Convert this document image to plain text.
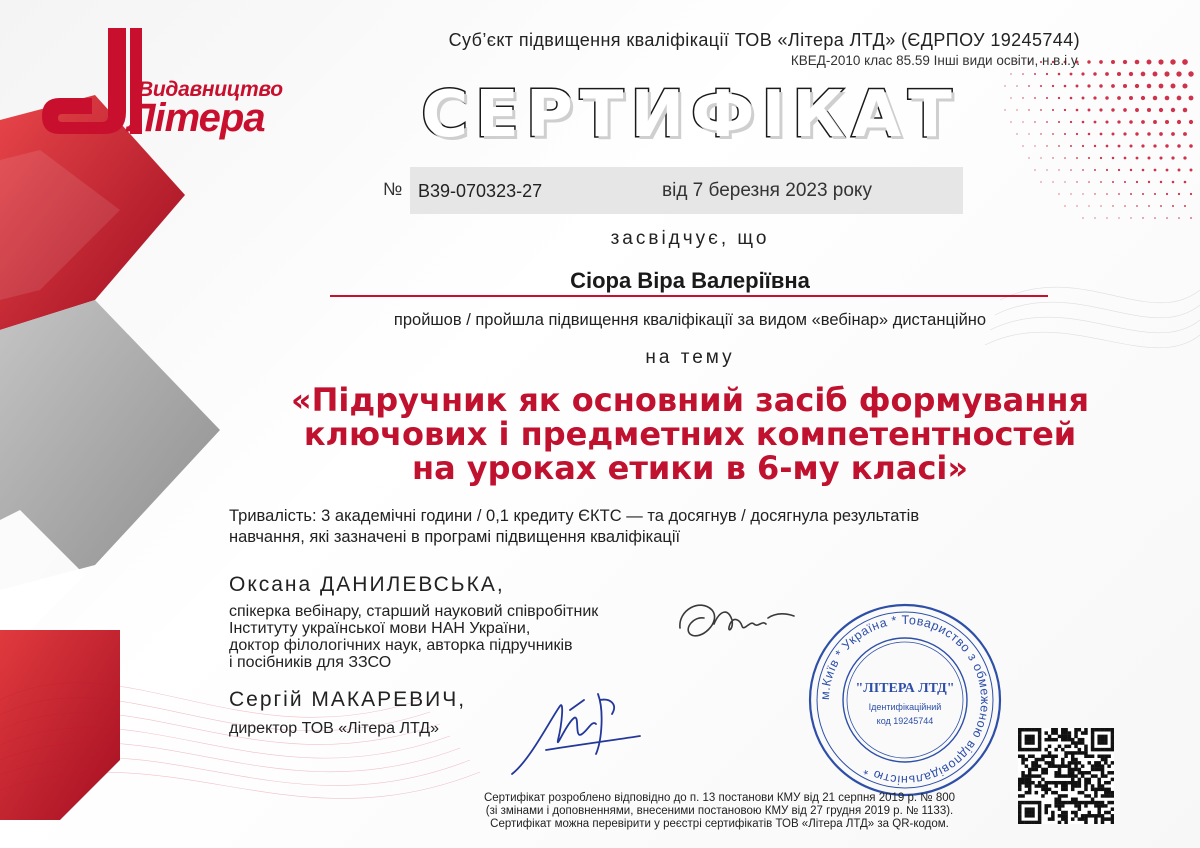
Видавництво
Літера
Суб’єкт підвищення кваліфікації ТОВ «Літера ЛТД» (ЄДРПОУ 19245744)
КВЕД-2010 клас 85.59 Інші види освіти, н.в.і.у.
СЕРТИФІКАТ
№ В39-070323-27	від 7 березня 2023 року
засвідчує, що
Сіора Віра Валеріївна
пройшов / пройшла підвищення кваліфікації за видом «вебінар» дистанційно
на тему
«Підручник як основний засіб формування
ключових і предметних компетентностей
на уроках етики в 6-му класі»
Тривалість: 3 академічні години / 0,1 кредиту ЄКТС — та досягнув / досягнула результатів
навчання, які зазначені в програмі підвищення кваліфікації
Оксана ДАНИЛЕВСЬКА,
спікерка вебінару, старший науковий співробітник
Інституту української мови НАН України,
доктор філологічних наук, авторка підручників
і посібників для ЗЗСО
Сергій МАКАРЕВИЧ,
директор ТОВ «Літера ЛТД»
м.Київ * Україна * Товариство з обмеженою відповідальністю *
"ЛІТЕРА ЛТД"
Ідентифікаційний
код 19245744
Сертифікат розроблено відповідно до п. 13 постанови КМУ від 21 серпня 2019 р. № 800
(зі змінами і доповненнями, внесеними постановою КМУ від 27 грудня 2019 р. № 1133).
Сертифікат можна перевірити у реєстрі сертифікатів ТОВ «Літера ЛТД» за QR-кодом.
